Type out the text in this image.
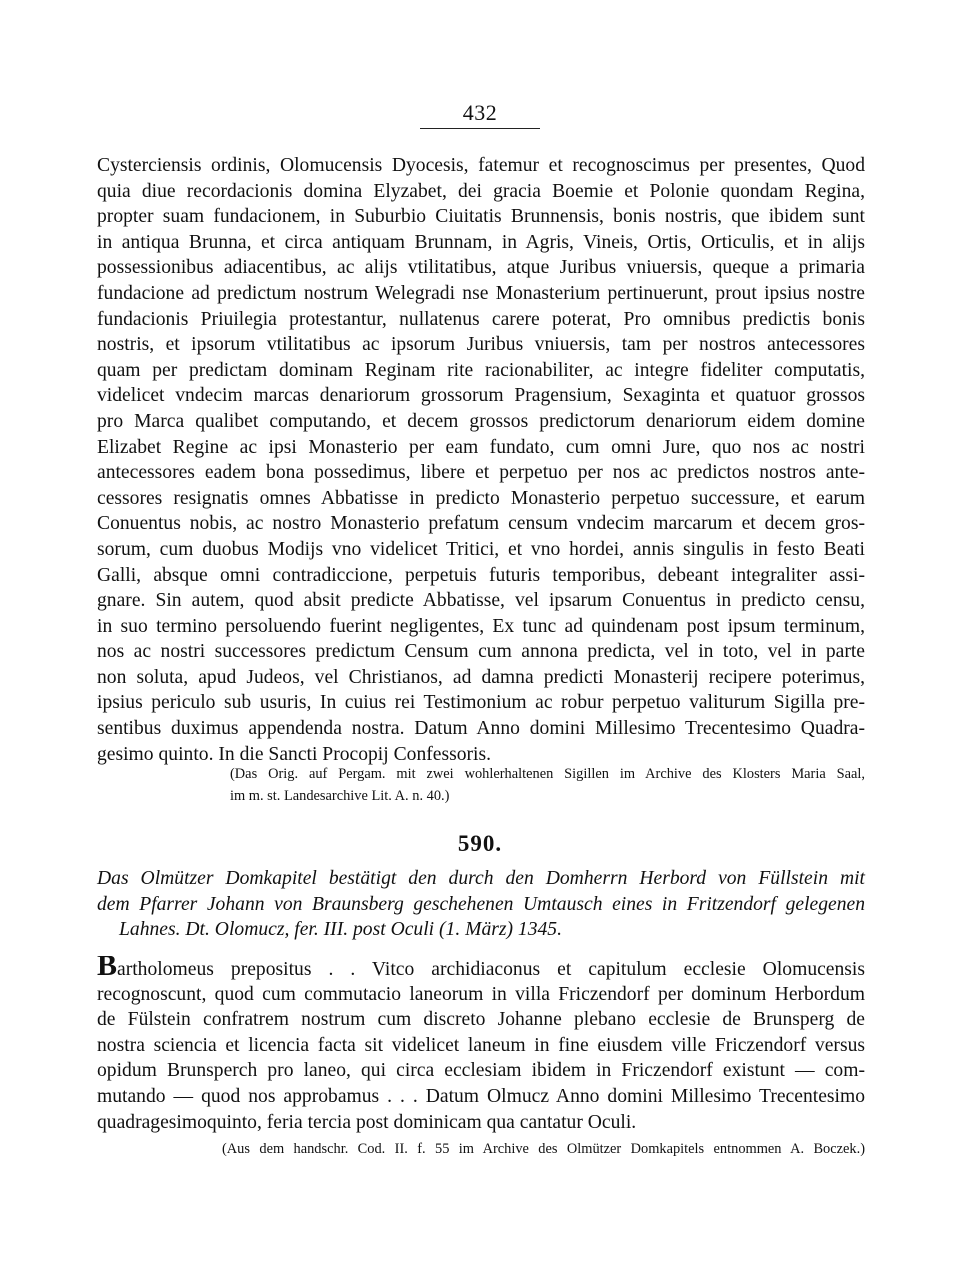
432
Cysterciensis ordinis, Olomucensis Dyocesis, fatemur et recognoscimus per presentes, Quod
quia diue recordacionis domina Elyzabet, dei gracia Boemie et Polonie quondam Regina,
propter suam fundacionem, in Suburbio Ciuitatis Brunnensis, bonis nostris, que ibidem sunt
in antiqua Brunna, et circa antiquam Brunnam, in Agris, Vineis, Ortis, Orticulis, et in alijs
possessionibus adiacentibus, ac alijs vtilitatibus, atque Juribus vniuersis, queque a primaria
fundacione ad predictum nostrum Welegradi nse Monasterium pertinuerunt, prout ipsius nostre
fundacionis Priuilegia protestantur, nullatenus carere poterat, Pro omnibus predictis bonis
nostris, et ipsorum vtilitatibus ac ipsorum Juribus vniuersis, tam per nostros antecessores
quam per predictam dominam Reginam rite racionabiliter, ac integre fideliter computatis,
videlicet vndecim marcas denariorum grossorum Pragensium, Sexaginta et quatuor grossos
pro Marca qualibet computando, et decem grossos predictorum denariorum eidem domine
Elizabet Regine ac ipsi Monasterio per eam fundato, cum omni Jure, quo nos ac nostri
antecessores eadem bona possedimus, libere et perpetuo per nos ac predictos nostros ante-
cessores resignatis omnes Abbatisse in predicto Monasterio perpetuo successure, et earum
Conuentus nobis, ac nostro Monasterio prefatum censum vndecim marcarum et decem gros-
sorum, cum duobus Modijs vno videlicet Tritici, et vno hordei, annis singulis in festo Beati
Galli, absque omni contradiccione, perpetuis futuris temporibus, debeant integraliter assi-
gnare. Sin autem, quod absit predicte Abbatisse, vel ipsarum Conuentus in predicto censu,
in suo termino persoluendo fuerint negligentes, Ex tunc ad quindenam post ipsum terminum,
nos ac nostri successores predictum Censum cum annona predicta, vel in toto, vel in parte
non soluta, apud Judeos, vel Christianos, ad damna predicti Monasterij recipere poterimus,
ipsius periculo sub usuris, In cuius rei Testimonium ac robur perpetuo valiturum Sigilla pre-
sentibus duximus appendenda nostra. Datum Anno domini Millesimo Trecentesimo Quadra-
gesimo quinto. In die Sancti Procopij Confessoris.
(Das Orig. auf Pergam. mit zwei wohlerhaltenen Sigillen im Archive des Klosters Maria Saal,
im m. st. Landesarchive Lit. A. n. 40.)
590.
Das Olmützer Domkapitel bestätigt den durch den Domherrn Herbord von Füllstein mit
dem Pfarrer Johann von Braunsberg geschehenen Umtausch eines in Fritzendorf gelegenen
Lahnes. Dt. Olomucz, fer. III. post Oculi (1. März) 1345.
Bartholomeus prepositus . . Vitco archidiaconus et capitulum ecclesie Olomucensis
recognoscunt, quod cum commutacio laneorum in villa Friczendorf per dominum Herbordum
de Fülstein confratrem nostrum cum discreto Johanne plebano ecclesie de Brunsperg de
nostra sciencia et licencia facta sit videlicet laneum in fine eiusdem ville Friczendorf versus
opidum Brunsperch pro laneo, qui circa ecclesiam ibidem in Friczendorf existunt — com-
mutando — quod nos approbamus . . . Datum Olmucz Anno domini Millesimo Trecentesimo
quadragesimoquinto, feria tercia post dominicam qua cantatur Oculi.
(Aus dem handschr. Cod. II. f. 55 im Archive des Olmützer Domkapitels entnommen A. Boczek.)
